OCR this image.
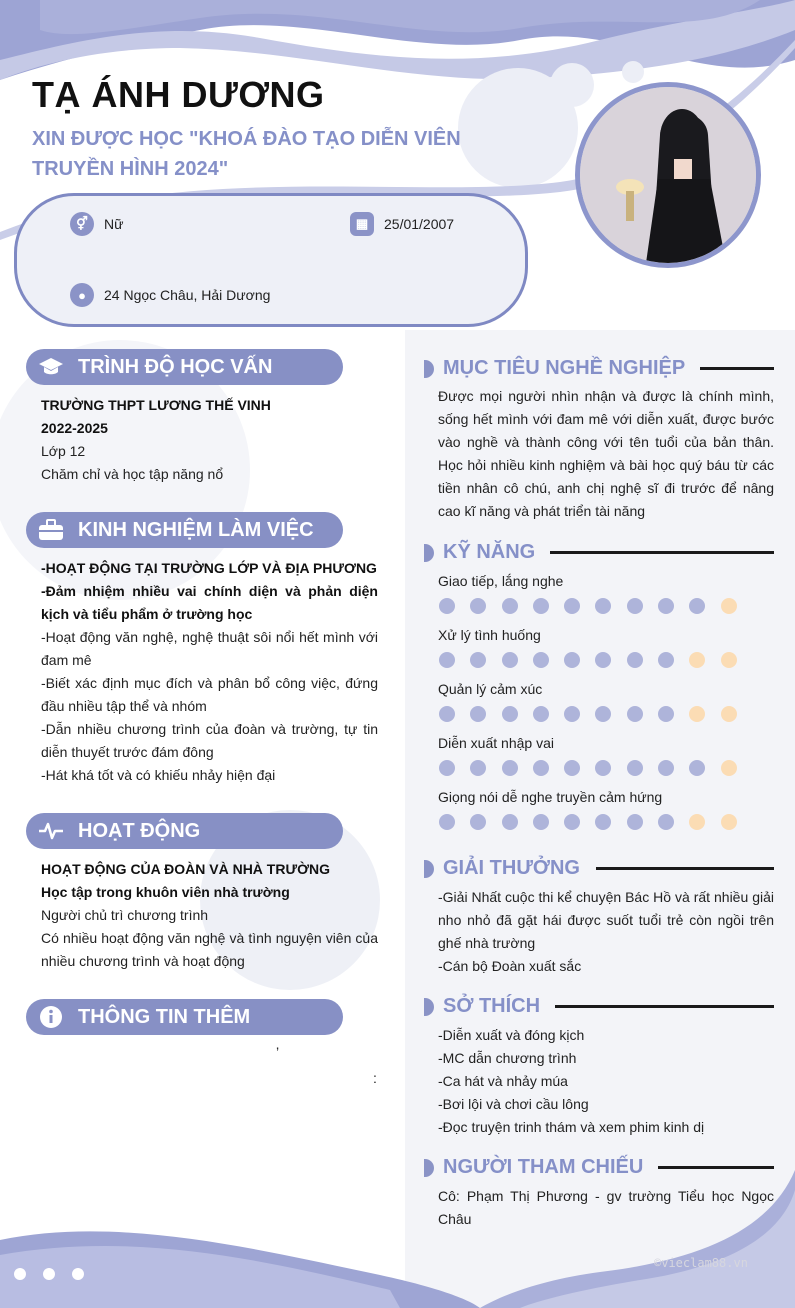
TẠ ÁNH DƯƠNG
XIN ĐƯỢC HỌC "KHOÁ ĐÀO TẠO DIỄN VIÊN TRUYỀN HÌNH 2024"
⚥	Nữ	▦	25/01/2007
●	24 Ngọc Châu, Hải Dương
TRÌNH ĐỘ HỌC VẤN
TRƯỜNG THPT LƯƠNG THẾ VINH
2022-2025
Lớp 12
Chăm chỉ và học tập năng nổ
KINH NGHIỆM LÀM VIỆC
-HOẠT ĐỘNG TẠI TRƯỜNG LỚP VÀ ĐỊA PHƯƠNG
-Đảm nhiệm nhiều vai chính diện và phản diện kịch và tiểu phẩm ở trường học
-Hoạt động văn nghệ, nghệ thuật sôi nổi hết mình với đam mê
-Biết xác định mục đích và phân bổ công việc, đứng đầu nhiều tập thể và nhóm
-Dẫn nhiều chương trình của đoàn và trường, tự tin diễn thuyết trước đám đông
-Hát khá tốt và có khiếu nhảy hiện đại
HOẠT ĐỘNG
HOẠT ĐỘNG CỦA ĐOÀN VÀ NHÀ TRƯỜNG
Học tập trong khuôn viên nhà trường
Người chủ trì chương trình
Có nhiều hoạt động văn nghệ và tình nguyện viên của nhiều chương trình và hoạt động
THÔNG TIN THÊM
’
:
MỤC TIÊU NGHỀ NGHIỆP
Được mọi người nhìn nhận và được là chính mình, sống hết mình với đam mê với diễn xuất, được bước vào nghề và thành công với tên tuổi của bản thân. Học hỏi nhiều kinh nghiệm và bài học quý báu từ các tiền nhân cô chú, anh chị nghệ sĩ đi trước để nâng cao kĩ năng và phát triển tài năng
KỸ NĂNG
Giao tiếp, lắng nghe
Xử lý tình huống
Quản lý cảm xúc
Diễn xuất nhập vai
Giọng nói dễ nghe truyền cảm hứng
GIẢI THƯỞNG
-Giải Nhất cuộc thi kể chuyện Bác Hồ và rất nhiều giải nho nhỏ đã gặt hái được suốt tuổi trẻ còn ngồi trên ghế nhà trường
-Cán bộ Đoàn xuất sắc
SỞ THÍCH
-Diễn xuất và đóng kịch
-MC dẫn chương trình
-Ca hát và nhảy múa
-Bơi lội và chơi cầu lông
-Đọc truyện trinh thám và xem phim kinh dị
NGƯỜI THAM CHIẾU
Cô: Phạm Thị Phương - gv trường Tiểu học Ngọc Châu
©vieclam88.vn
